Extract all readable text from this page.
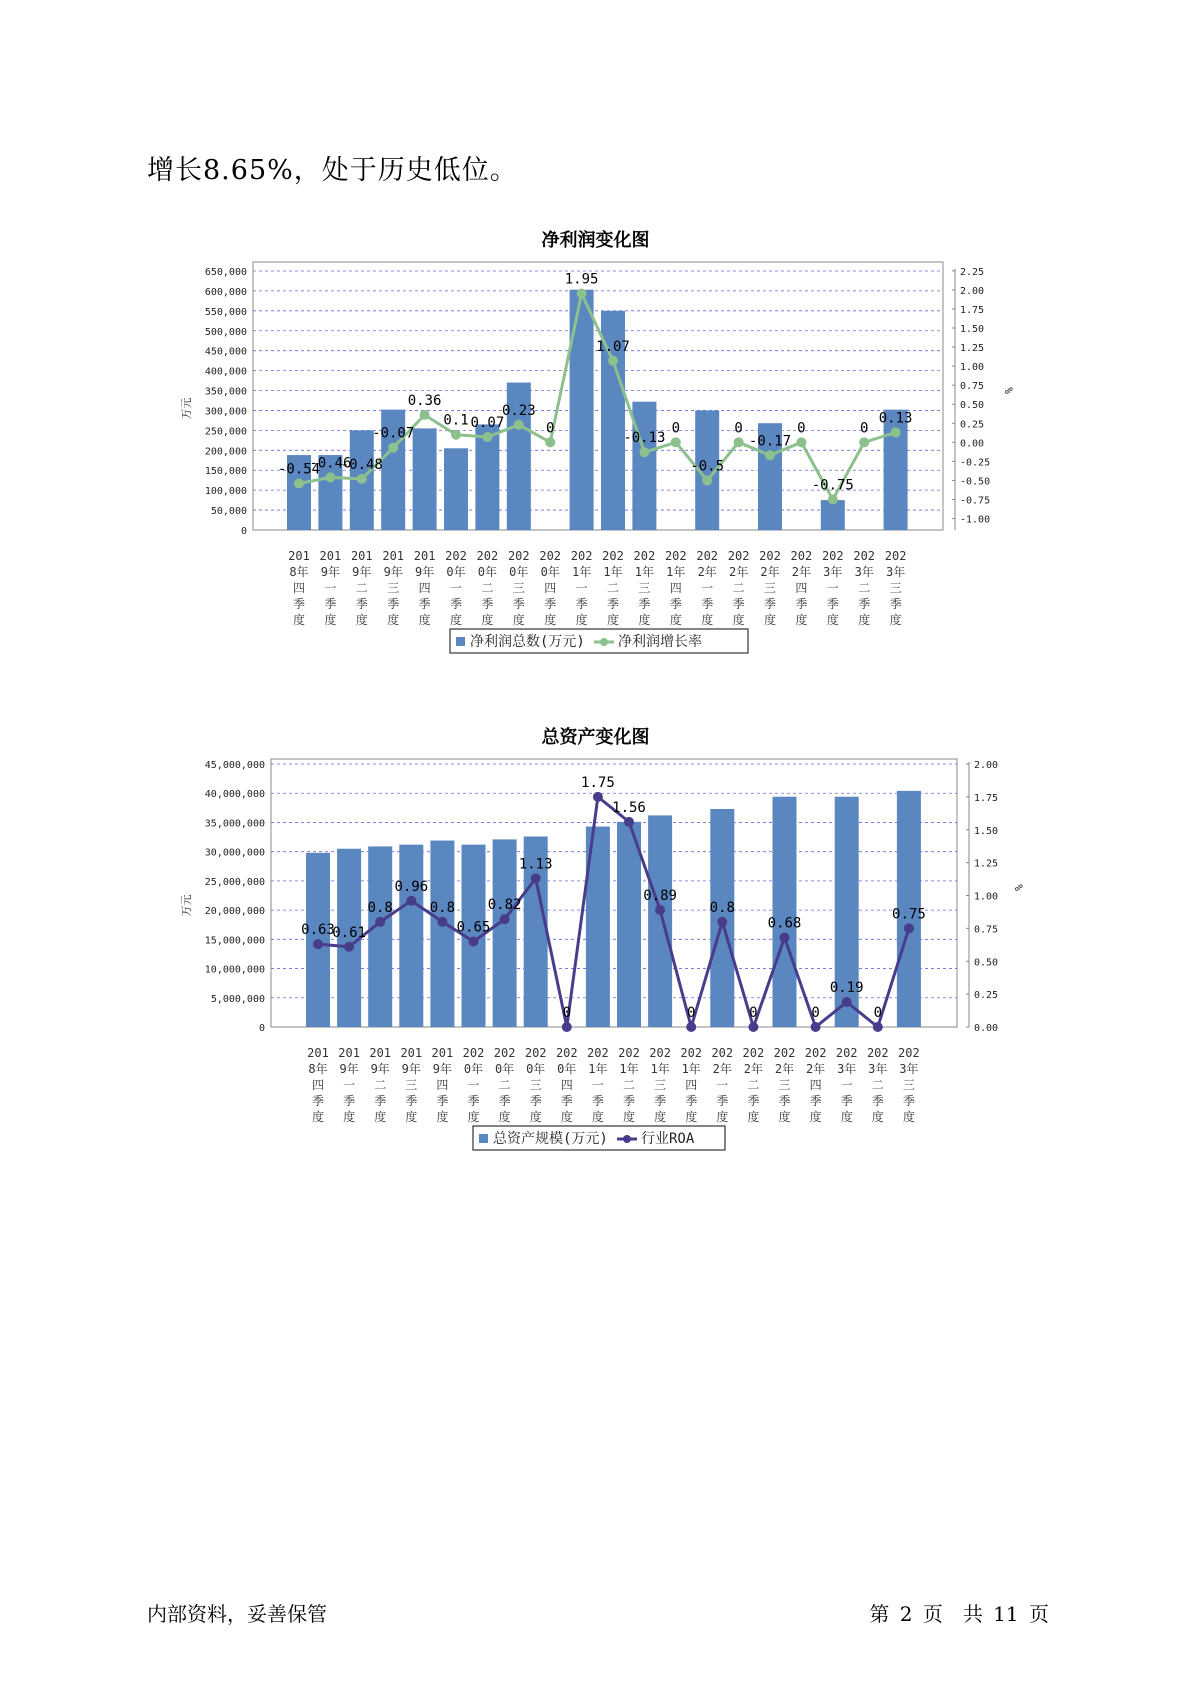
增长8.65%，处于历史低位。
净利润变化图
0
50,000
100,000
150,000
200,000
250,000
300,000
350,000
400,000
450,000
500,000
550,000
600,000
650,000
-1.00
-0.75
-0.50
-0.25
0.00
0.25
0.50
0.75
1.00
1.25
1.50
1.75
2.00
2.25
万元
%
-0.54
-0.46
-0.48
-0.07
0.36
0.1 0.07
0.23
0
1.95
1.07
-0.13
0
-0.5
0
-0.17
0
-0.75
0
0.13
201
8年
四
季
度
201
9年
一
季
度
201
9年
二
季
度
201
9年
三
季
度
201
9年
四
季
度
202
0年
一
季
度
202
0年
二
季
度
202
0年
三
季
度
202
0年
四
季
度
202
1年
一
季
度
202
1年
二
季
度
202
1年
三
季
度
202
1年
四
季
度
202
2年
一
季
度
202
2年
二
季
度
202
2年
三
季
度
202
2年
四
季
度
202
3年
一
季
度
202
3年
二
季
度
202
3年
三
季
度
净利润总数(万元) 净利润增长率
总资产变化图
0
5,000,000
10,000,000
15,000,000
20,000,000
25,000,000
30,000,000
35,000,000
40,000,000
45,000,000
0.00
0.25
0.50
0.75
1.00
1.25
1.50
1.75
2.00
万元
%
0.63
0.61
0.8
0.96
0.8
0.65
0.82
1.13
0
1.75
1.56
0.89
0
0.8
0
0.68
0
0.19
0
0.75
201
8年
四
季
度
201
9年
一
季
度
201
9年
二
季
度
201
9年
三
季
度
201
9年
四
季
度
202
0年
一
季
度
202
0年
二
季
度
202
0年
三
季
度
202
0年
四
季
度
202
1年
一
季
度
202
1年
二
季
度
202
1年
三
季
度
202
1年
四
季
度
202
2年
一
季
度
202
2年
二
季
度
202
2年
三
季
度
202
2年
四
季
度
202
3年
一
季
度
202
3年
二
季
度
202
3年
三
季
度
总资产规模(万元) 行业ROA
内部资料，妥善保管	第 2 页　共 11 页
